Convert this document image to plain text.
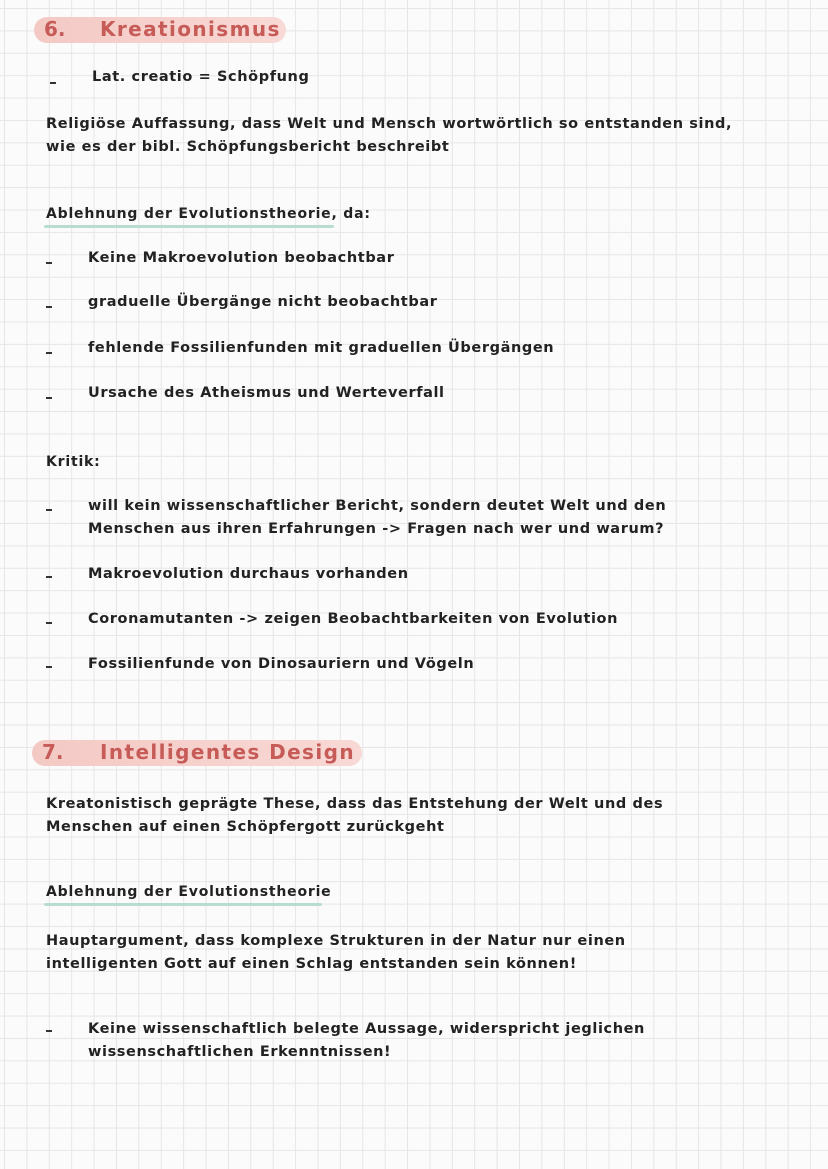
6. Kreationismus
Lat. creatio = Schöpfung
Religiöse Auffassung, dass Welt und Mensch wortwörtlich so entstanden sind,
wie es der bibl. Schöpfungsbericht beschreibt
Ablehnung der Evolutionstheorie, da:
Keine Makroevolution beobachtbar
graduelle Übergänge nicht beobachtbar
fehlende Fossilienfunden mit graduellen Übergängen
Ursache des Atheismus und Werteverfall
Kritik:
will kein wissenschaftlicher Bericht, sondern deutet Welt und den
Menschen aus ihren Erfahrungen -> Fragen nach wer und warum?
Makroevolution durchaus vorhanden
Coronamutanten -> zeigen Beobachtbarkeiten von Evolution
Fossilienfunde von Dinosauriern und Vögeln
7. Intelligentes Design
Kreatonistisch geprägte These, dass das Entstehung der Welt und des
Menschen auf einen Schöpfergott zurückgeht
Ablehnung der Evolutionstheorie
Hauptargument, dass komplexe Strukturen in der Natur nur einen
intelligenten Gott auf einen Schlag entstanden sein können!
Keine wissenschaftlich belegte Aussage, widerspricht jeglichen
wissenschaftlichen Erkenntnissen!
